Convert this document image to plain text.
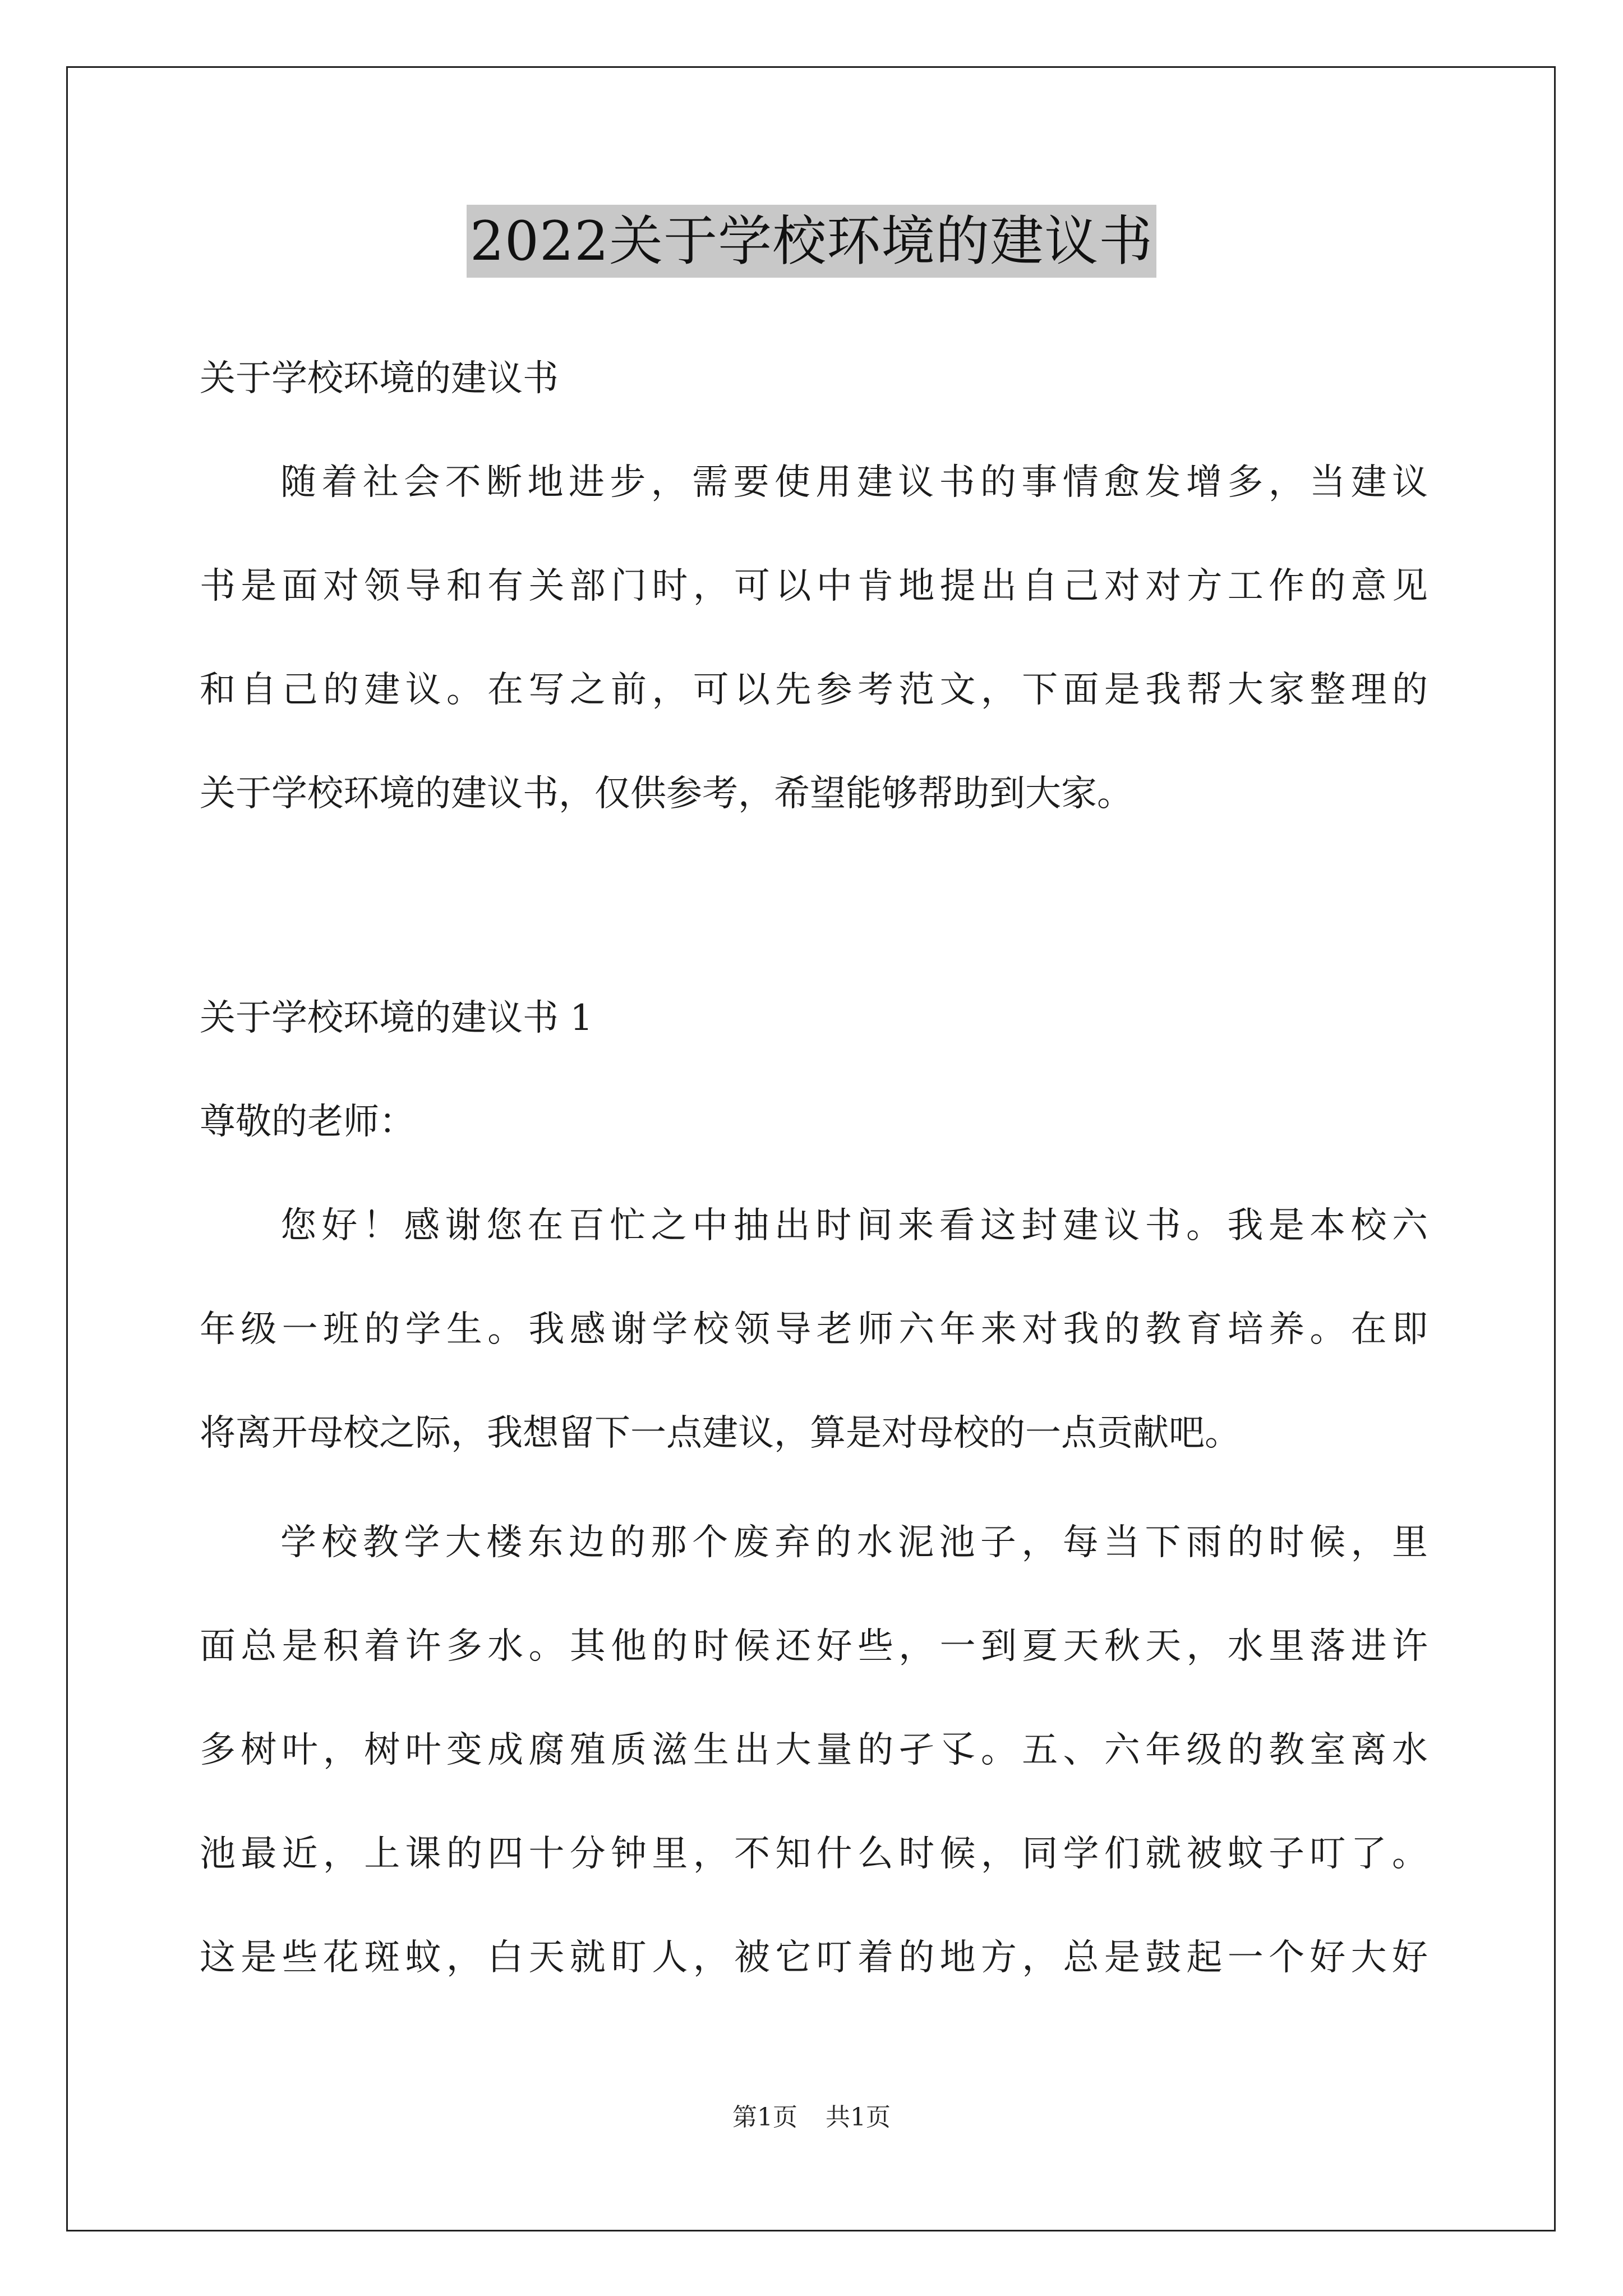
2022关于学校环境的建议书
关于学校环境的建议书
随着社会不断地进步，需要使用建议书的事情愈发增多，当建议
书是面对领导和有关部门时，可以中肯地提出自己对对方工作的意见
和自己的建议。在写之前，可以先参考范文，下面是我帮大家整理的
关于学校环境的建议书，仅供参考，希望能够帮助到大家。
关于学校环境的建议书 1
尊敬的老师：
您好！感谢您在百忙之中抽出时间来看这封建议书。我是本校六
年级一班的学生。我感谢学校领导老师六年来对我的教育培养。在即
将离开母校之际，我想留下一点建议，算是对母校的一点贡献吧。
学校教学大楼东边的那个废弃的水泥池子，每当下雨的时候，里
面总是积着许多水。其他的时候还好些，一到夏天秋天，水里落进许
多树叶，树叶变成腐殖质滋生出大量的孑孓。五、六年级的教室离水
池最近，上课的四十分钟里，不知什么时候，同学们就被蚊子叮了。
这是些花斑蚊，白天就盯人，被它叮着的地方，总是鼓起一个好大好
第1页 共1页
